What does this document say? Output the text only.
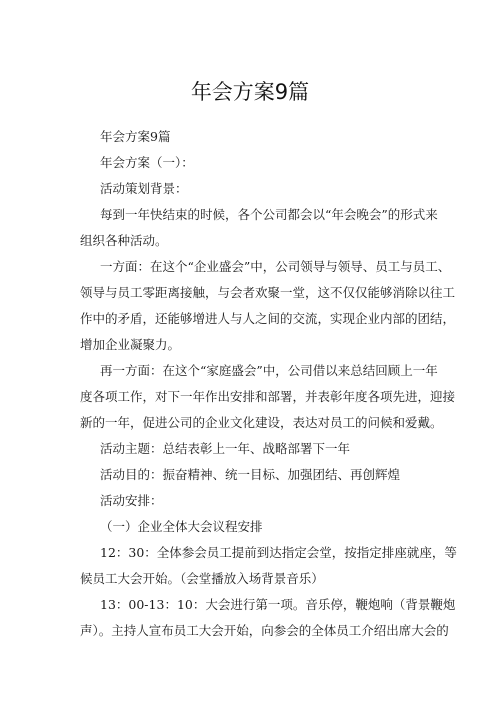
年会方案9篇

年会方案9篇

年会方案（一）：

活动策划背景：

每到一年快结束的时候，各个公司都会以“年会晚会”的形式来

组织各种活动。

一方面：在这个“企业盛会”中，公司领导与领导、员工与员工、

领导与员工零距离接触，与会者欢聚一堂，这不仅仅能够消除以往工

作中的矛盾，还能够增进人与人之间的交流，实现企业内部的团结，

增加企业凝聚力。

再一方面：在这个“家庭盛会”中，公司借以来总结回顾上一年

度各项工作，对下一年作出安排和部署，并表彰年度各项先进，迎接

新的一年，促进公司的企业文化建设，表达对员工的问候和爱戴。

活动主题：总结表彰上一年、战略部署下一年

活动目的：振奋精神、统一目标、加强团结、再创辉煌

活动安排：

（一）企业全体大会议程安排

12：30：全体参会员工提前到达指定会堂，按指定排座就座，等

候员工大会开始。（会堂播放入场背景音乐）

13：00-13：10：大会进行第一项。音乐停，鞭炮响（背景鞭炮

声）。主持人宣布员工大会开始，向参会的全体员工介绍出席大会的
